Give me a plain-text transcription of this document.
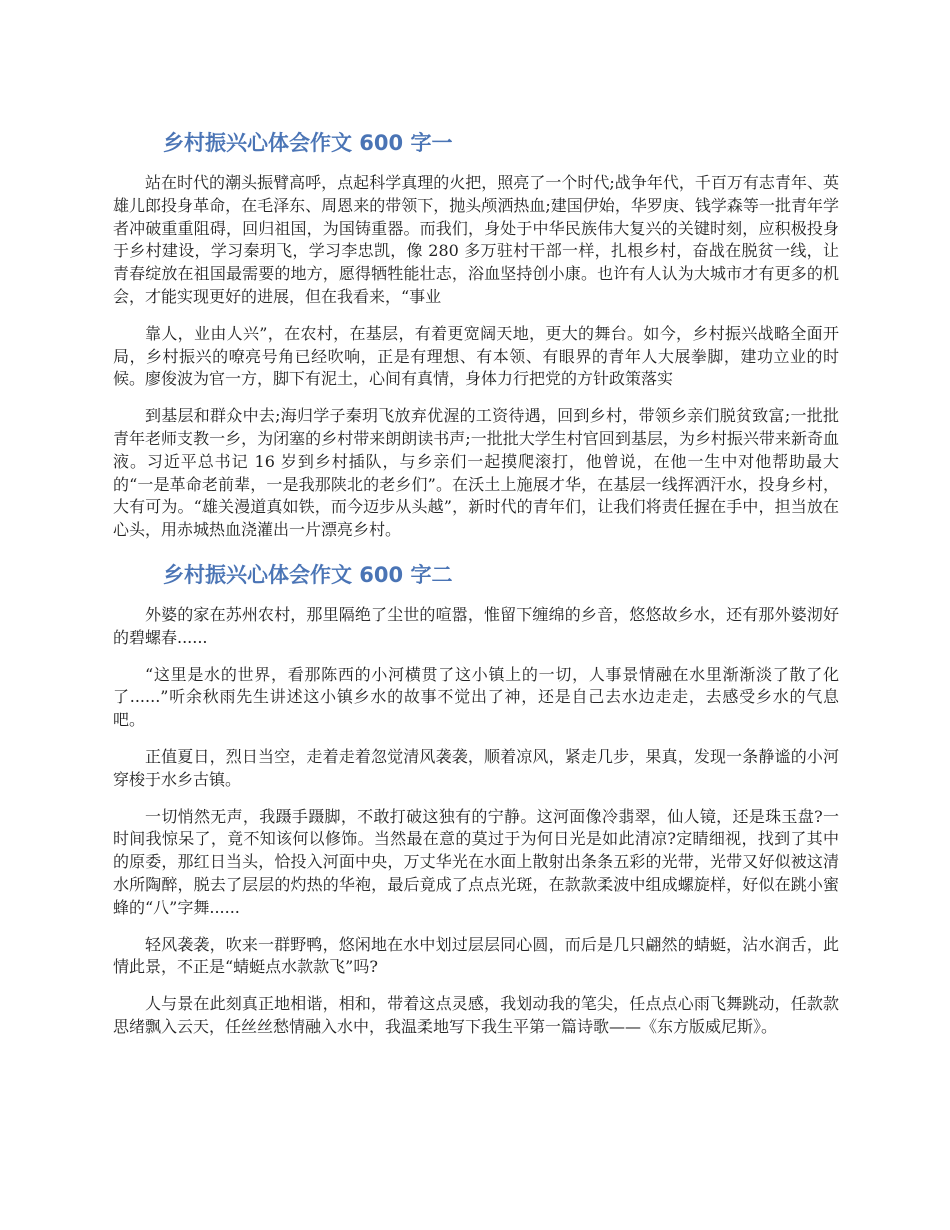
乡村振兴心体会作文 600 字一

站在时代的潮头振臂高呼，点起科学真理的火把，照亮了一个时代;战争年代，千百万有志青年、英雄儿郎投身革命，在毛泽东、周恩来的带领下，抛头颅洒热血;建国伊始，华罗庚、钱学森等一批青年学者冲破重重阻碍，回归祖国，为国铸重器。而我们，身处于中华民族伟大复兴的关键时刻，应积极投身于乡村建设，学习秦玥飞，学习李忠凯，像 280 多万驻村干部一样，扎根乡村，奋战在脱贫一线，让青春绽放在祖国最需要的地方，愿得牺牲能壮志，浴血坚持创小康。也许有人认为大城市才有更多的机会，才能实现更好的进展，但在我看来，“事业

靠人，业由人兴”，在农村，在基层，有着更宽阔天地，更大的舞台。如今，乡村振兴战略全面开局，乡村振兴的嘹亮号角已经吹响，正是有理想、有本领、有眼界的青年人大展拳脚，建功立业的时候。廖俊波为官一方，脚下有泥土，心间有真情，身体力行把党的方针政策落实

到基层和群众中去;海归学子秦玥飞放弃优渥的工资待遇，回到乡村，带领乡亲们脱贫致富;一批批青年老师支教一乡，为闭塞的乡村带来朗朗读书声;一批批大学生村官回到基层，为乡村振兴带来新奇血液。习近平总书记 16 岁到乡村插队，与乡亲们一起摸爬滚打，他曾说，在他一生中对他帮助最大的“一是革命老前辈，一是我那陕北的老乡们”。在沃土上施展才华，在基层一线挥洒汗水，投身乡村，大有可为。“雄关漫道真如铁，而今迈步从头越”，新时代的青年们，让我们将责任握在手中，担当放在心头，用赤城热血浇灌出一片漂亮乡村。

乡村振兴心体会作文 600 字二

外婆的家在苏州农村，那里隔绝了尘世的喧嚣，惟留下缠绵的乡音，悠悠故乡水，还有那外婆沏好的碧螺春......

“这里是水的世界，看那陈西的小河横贯了这小镇上的一切，人事景情融在水里渐渐淡了散了化了......”听余秋雨先生讲述这小镇乡水的故事不觉出了神，还是自己去水边走走，去感受乡水的气息吧。

正值夏日，烈日当空，走着走着忽觉清风袭袭，顺着凉风，紧走几步，果真，发现一条静谧的小河穿梭于水乡古镇。

一切悄然无声，我蹑手蹑脚，不敢打破这独有的宁静。这河面像冷翡翠，仙人镜，还是珠玉盘?一时间我惊呆了，竟不知该何以修饰。当然最在意的莫过于为何日光是如此清凉?定睛细视，找到了其中的原委，那红日当头，恰投入河面中央，万丈华光在水面上散射出条条五彩的光带，光带又好似被这清水所陶醉，脱去了层层的灼热的华袍，最后竟成了点点光斑，在款款柔波中组成螺旋样，好似在跳小蜜蜂的“八”字舞......

轻风袭袭，吹来一群野鸭，悠闲地在水中划过层层同心圆，而后是几只翩然的蜻蜓，沾水润舌，此情此景，不正是“蜻蜓点水款款飞”吗?

人与景在此刻真正地相谐，相和，带着这点灵感，我划动我的笔尖，任点点心雨飞舞跳动，任款款思绪飘入云天，任丝丝愁情融入水中，我温柔地写下我生平第一篇诗歌——《东方版威尼斯》。
